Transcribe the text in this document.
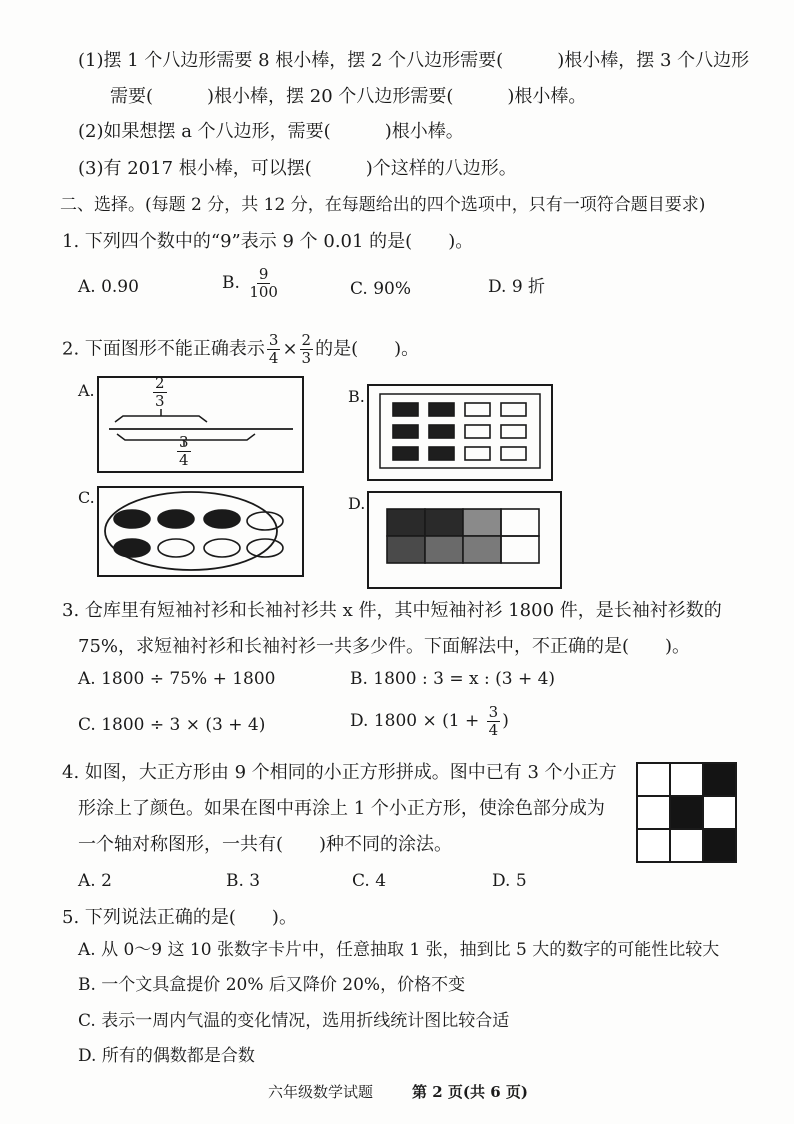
(1)摆 1 个八边形需要 8 根小棒，摆 2 个八边形需要(　　　)根小棒，摆 3 个八边形
需要(　　　)根小棒，摆 20 个八边形需要(　　　)根小棒。
(2)如果想摆 a 个八边形，需要(　　　)根小棒。
(3)有 2017 根小棒，可以摆(　　　)个这样的八边形。
二、选择。(每题 2 分，共 12 分，在每题给出的四个选项中，只有一项符合题目要求)
1. 下列四个数中的“9”表示 9 个 0.01 的是(　　)。
A. 0.90	B. $\frac{9}{100}$	C. 90%	D. 9 折
2. 下面图形不能正确表示 $\frac{3}{4} \times \frac{2}{3}$ 的是(　　)。
A.	$\frac{2}{3}$
$\frac{3}{4}$
B.
C.	D.
3. 仓库里有短袖衬衫和长袖衬衫共 x 件，其中短袖衬衫 1800 件，是长袖衬衫数的
75%，求短袖衬衫和长袖衬衫一共多少件。下面解法中，不正确的是(　　)。
A. 1800 ÷ 75% + 1800	B. 1800 : 3 = x : (3 + 4)
C. 1800 ÷ 3 × (3 + 4)	D. $1800 \times (1 + \frac{3}{4}$ )
4. 如图，大正方形由 9 个相同的小正方形拼成。图中已有 3 个小正方
形涂上了颜色。如果在图中再涂上 1 个小正方形，使涂色部分成为
一个轴对称图形，一共有(　　)种不同的涂法。
A. 2	B. 3	C. 4	D. 5
5. 下列说法正确的是(　　)。
A. 从 0～9 这 10 张数字卡片中，任意抽取 1 张，抽到比 5 大的数字的可能性比较大
B. 一个文具盒提价 20% 后又降价 20%，价格不变
C. 表示一周内气温的变化情况，选用折线统计图比较合适
D. 所有的偶数都是合数
六年级数学试题	第 2 页(共 6 页)
